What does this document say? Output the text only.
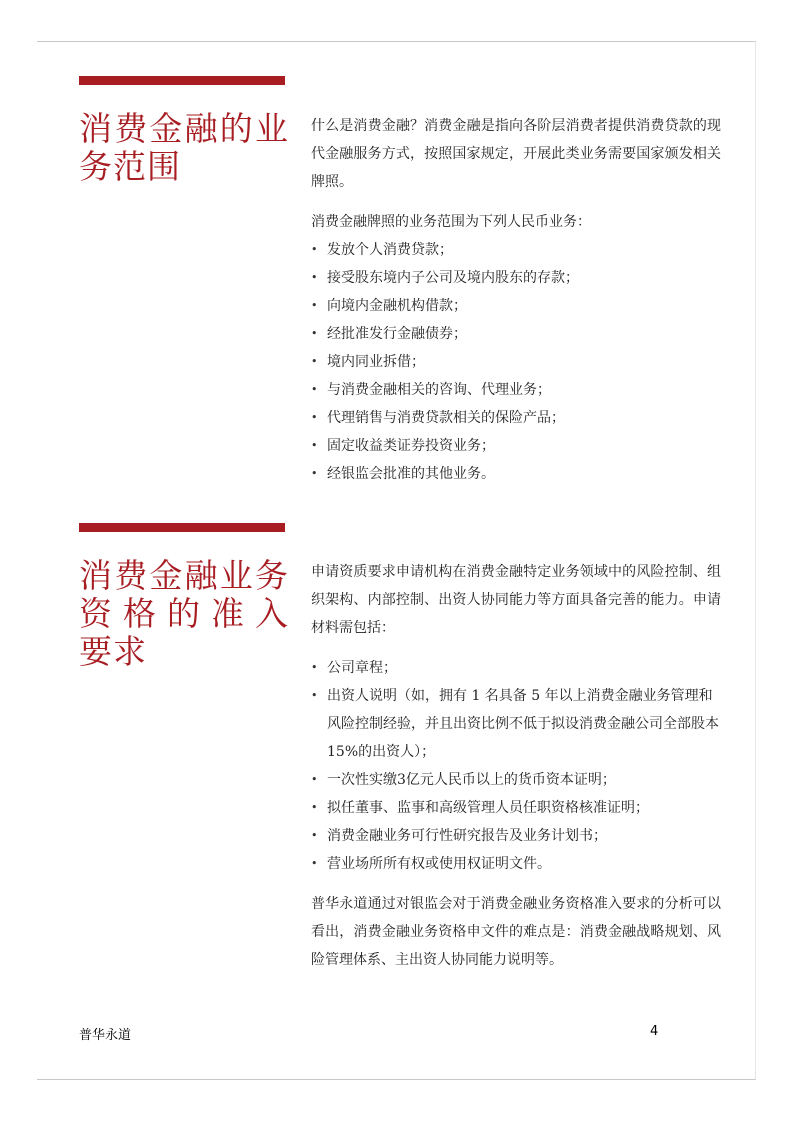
消费金融的业
务范围

什么是消费金融？消费金融是指向各阶层消费者提供消费贷款的现代金融服务方式，按照国家规定，开展此类业务需要国家颁发相关牌照。

消费金融牌照的业务范围为下列人民币业务：

• 发放个人消费贷款；
• 接受股东境内子公司及境内股东的存款；
• 向境内金融机构借款；
• 经批准发行金融债券；
• 境内同业拆借；
• 与消费金融相关的咨询、代理业务；
• 代理销售与消费贷款相关的保险产品；
• 固定收益类证券投资业务；
• 经银监会批准的其他业务。
消费金融业务
资格的准入
要求

申请资质要求申请机构在消费金融特定业务领域中的风险控制、组织架构、内部控制、出资人协同能力等方面具备完善的能力。申请材料需包括：

• 公司章程；
• 出资人说明（如，拥有 1 名具备 5 年以上消费金融业务管理和风险控制经验，并且出资比例不低于拟设消费金融公司全部股本15%的出资人）；
• 一次性实缴3亿元人民币以上的货币资本证明；
• 拟任董事、监事和高级管理人员任职资格核准证明；
• 消费金融业务可行性研究报告及业务计划书；
• 营业场所所有权或使用权证明文件。

普华永道通过对银监会对于消费金融业务资格准入要求的分析可以看出，消费金融业务资格申文件的难点是：消费金融战略规划、风险管理体系、主出资人协同能力说明等。

普华永道	4
